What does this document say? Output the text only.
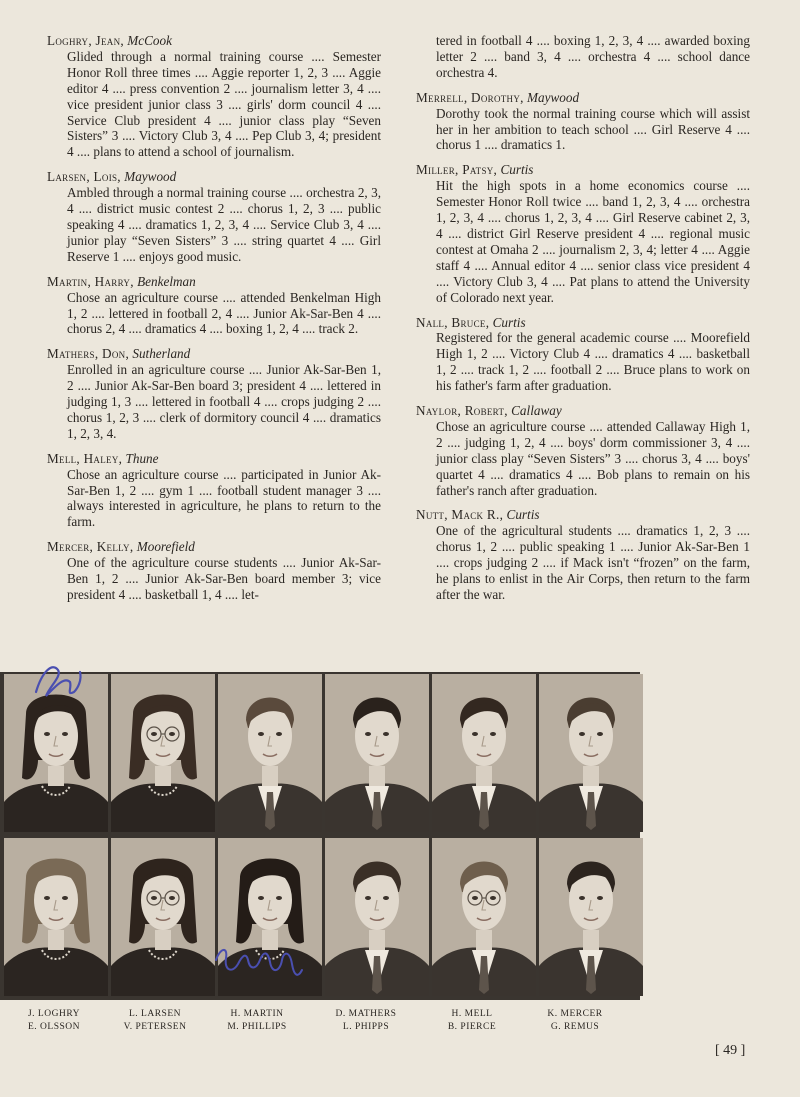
Loghry, Jean, McCook
Glided through a normal training course .... Semester Honor Roll three times .... Aggie reporter 1, 2, 3 .... Aggie editor 4 .... press convention 2 .... journalism letter 3, 4 .... vice president junior class 3 .... girls' dorm council 4 .... Service Club president 4 .... junior class play “Seven Sisters” 3 .... Victory Club 3, 4 .... Pep Club 3, 4; president 4 .... plans to attend a school of journalism.
Larsen, Lois, Maywood
Ambled through a normal training course .... orchestra 2, 3, 4 .... district music contest 2 .... chorus 1, 2, 3 .... public speaking 4 .... dramatics 1, 2, 3, 4 .... Service Club 3, 4 .... junior play “Seven Sisters” 3 .... string quartet 4 .... Girl Reserve 1 .... enjoys good music.
Martin, Harry, Benkelman
Chose an agriculture course .... attended Benkelman High 1, 2 .... lettered in football 2, 4 .... Junior Ak-Sar-Ben 4 .... chorus 2, 4 .... dramatics 4 .... boxing 1, 2, 4 .... track 2.
Mathers, Don, Sutherland
Enrolled in an agriculture course .... Junior Ak-Sar-Ben 1, 2 .... Junior Ak-Sar-Ben board 3; president 4 .... lettered in judging 1, 3 .... lettered in football 4 .... crops judging 2 .... chorus 1, 2, 3 .... clerk of dormitory council 4 .... dramatics 1, 2, 3, 4.
Mell, Haley, Thune
Chose an agriculture course .... participated in Junior Ak-Sar-Ben 1, 2 .... gym 1 .... football student manager 3 .... always interested in agriculture, he plans to return to the farm.
Mercer, Kelly, Moorefield
One of the agriculture course students .... Junior Ak-Sar-Ben 1, 2 .... Junior Ak-Sar-Ben board member 3; vice president 4 .... basketball 1, 4 .... let-
tered in football 4 .... boxing 1, 2, 3, 4 .... awarded boxing letter 2 .... band 3, 4 .... orchestra 4 .... school dance orchestra 4.
Merrell, Dorothy, Maywood
Dorothy took the normal training course which will assist her in her ambition to teach school .... Girl Reserve 4 .... chorus 1 .... dramatics 1.
Miller, Patsy, Curtis
Hit the high spots in a home economics course .... Semester Honor Roll twice .... band 1, 2, 3, 4 .... orchestra 1, 2, 3, 4 .... chorus 1, 2, 3, 4 .... Girl Reserve cabinet 2, 3, 4 .... district Girl Reserve president 4 .... regional music contest at Omaha 2 .... journalism 2, 3, 4; letter 4 .... Aggie staff 4 .... Annual editor 4 .... senior class vice president 4 .... Victory Club 3, 4 .... Pat plans to attend the University of Colorado next year.
Nall, Bruce, Curtis
Registered for the general academic course .... Moorefield High 1, 2 .... Victory Club 4 .... dramatics 4 .... basketball 1, 2 .... track 1, 2 .... football 2 .... Bruce plans to work on his father's farm after graduation.
Naylor, Robert, Callaway
Chose an agriculture course .... attended Callaway High 1, 2 .... judging 1, 2, 4 .... boys' dorm commissioner 3, 4 .... junior class play “Seven Sisters” 3 .... chorus 3, 4 .... boys' quartet 4 .... dramatics 4 .... Bob plans to remain on his father's ranch after graduation.
Nutt, Mack R., Curtis
One of the agricultural students .... dramatics 1, 2, 3 .... chorus 1, 2 .... public speaking 1 .... Junior Ak-Sar-Ben 1 .... crops judging 2 .... if Mack isn't “frozen” on the farm, he plans to enlist in the Air Corps, then return to the farm after the war.
J. LOGHRY
E. OLSSON
L. LARSEN
V. PETERSEN
H. MARTIN
M. PHILLIPS
D. MATHERS
L. PHIPPS
H. MELL
B. PIERCE
K. MERCER
G. REMUS
[ 49 ]
